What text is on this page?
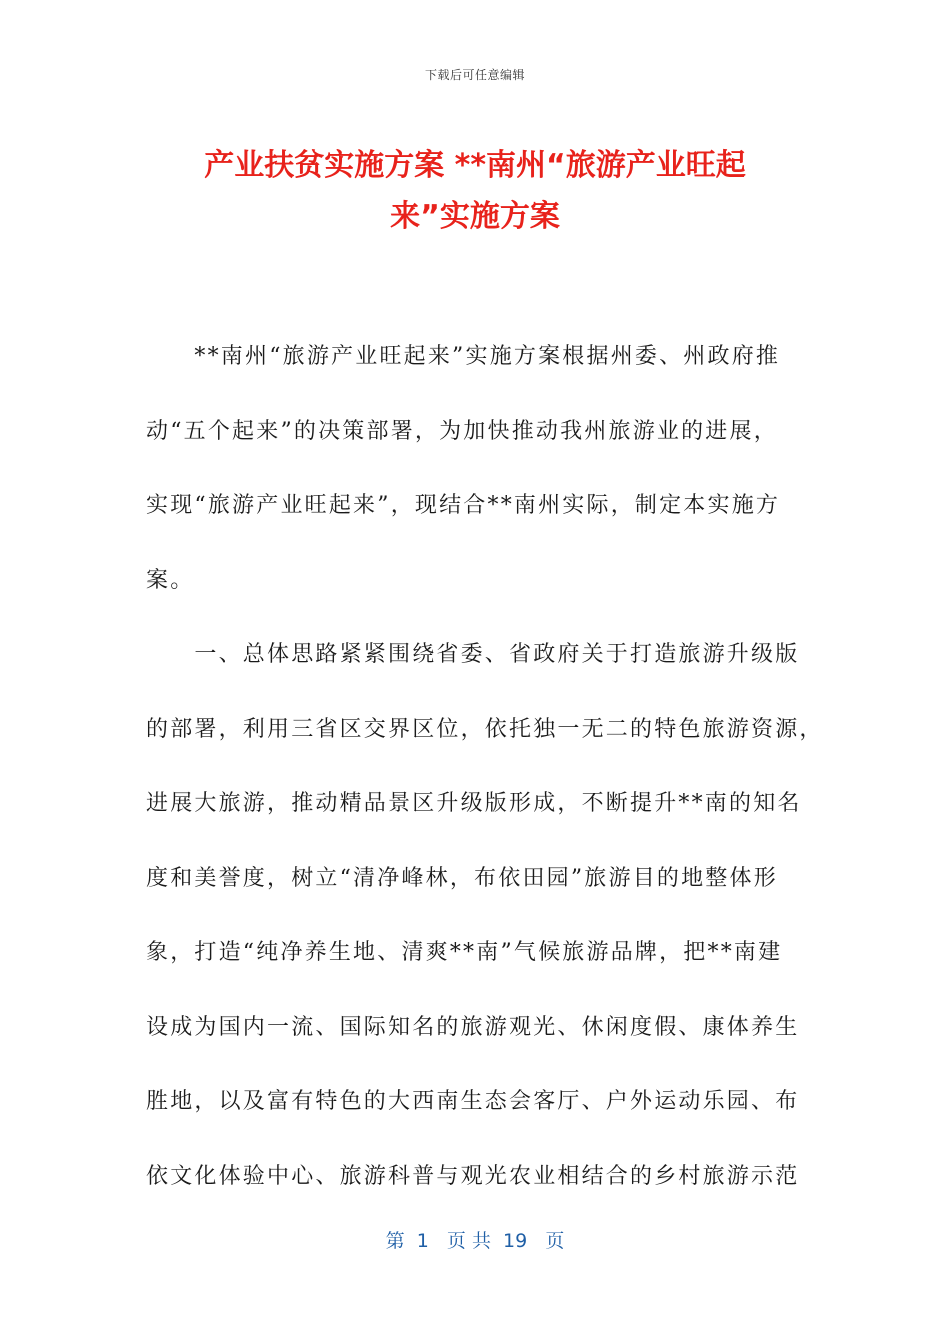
下载后可任意编辑
产业扶贫实施方案 **南州“旅游产业旺起
来”实施方案
　　**南州“旅游产业旺起来”实施方案根据州委、州政府推
动“五个起来”的决策部署，为加快推动我州旅游业的进展，
实现“旅游产业旺起来”，现结合**南州实际，制定本实施方
案。
　　一、总体思路紧紧围绕省委、省政府关于打造旅游升级版
的部署，利用三省区交界区位，依托独一无二的特色旅游资源，
进展大旅游，推动精品景区升级版形成，不断提升**南的知名
度和美誉度，树立“清净峰林，布依田园”旅游目的地整体形
象，打造“纯净养生地、清爽**南”气候旅游品牌，把**南建
设成为国内一流、国际知名的旅游观光、休闲度假、康体养生
胜地，以及富有特色的大西南生态会客厅、户外运动乐园、布
依文化体验中心、旅游科普与观光农业相结合的乡村旅游示范
第  1   页 共  19   页
